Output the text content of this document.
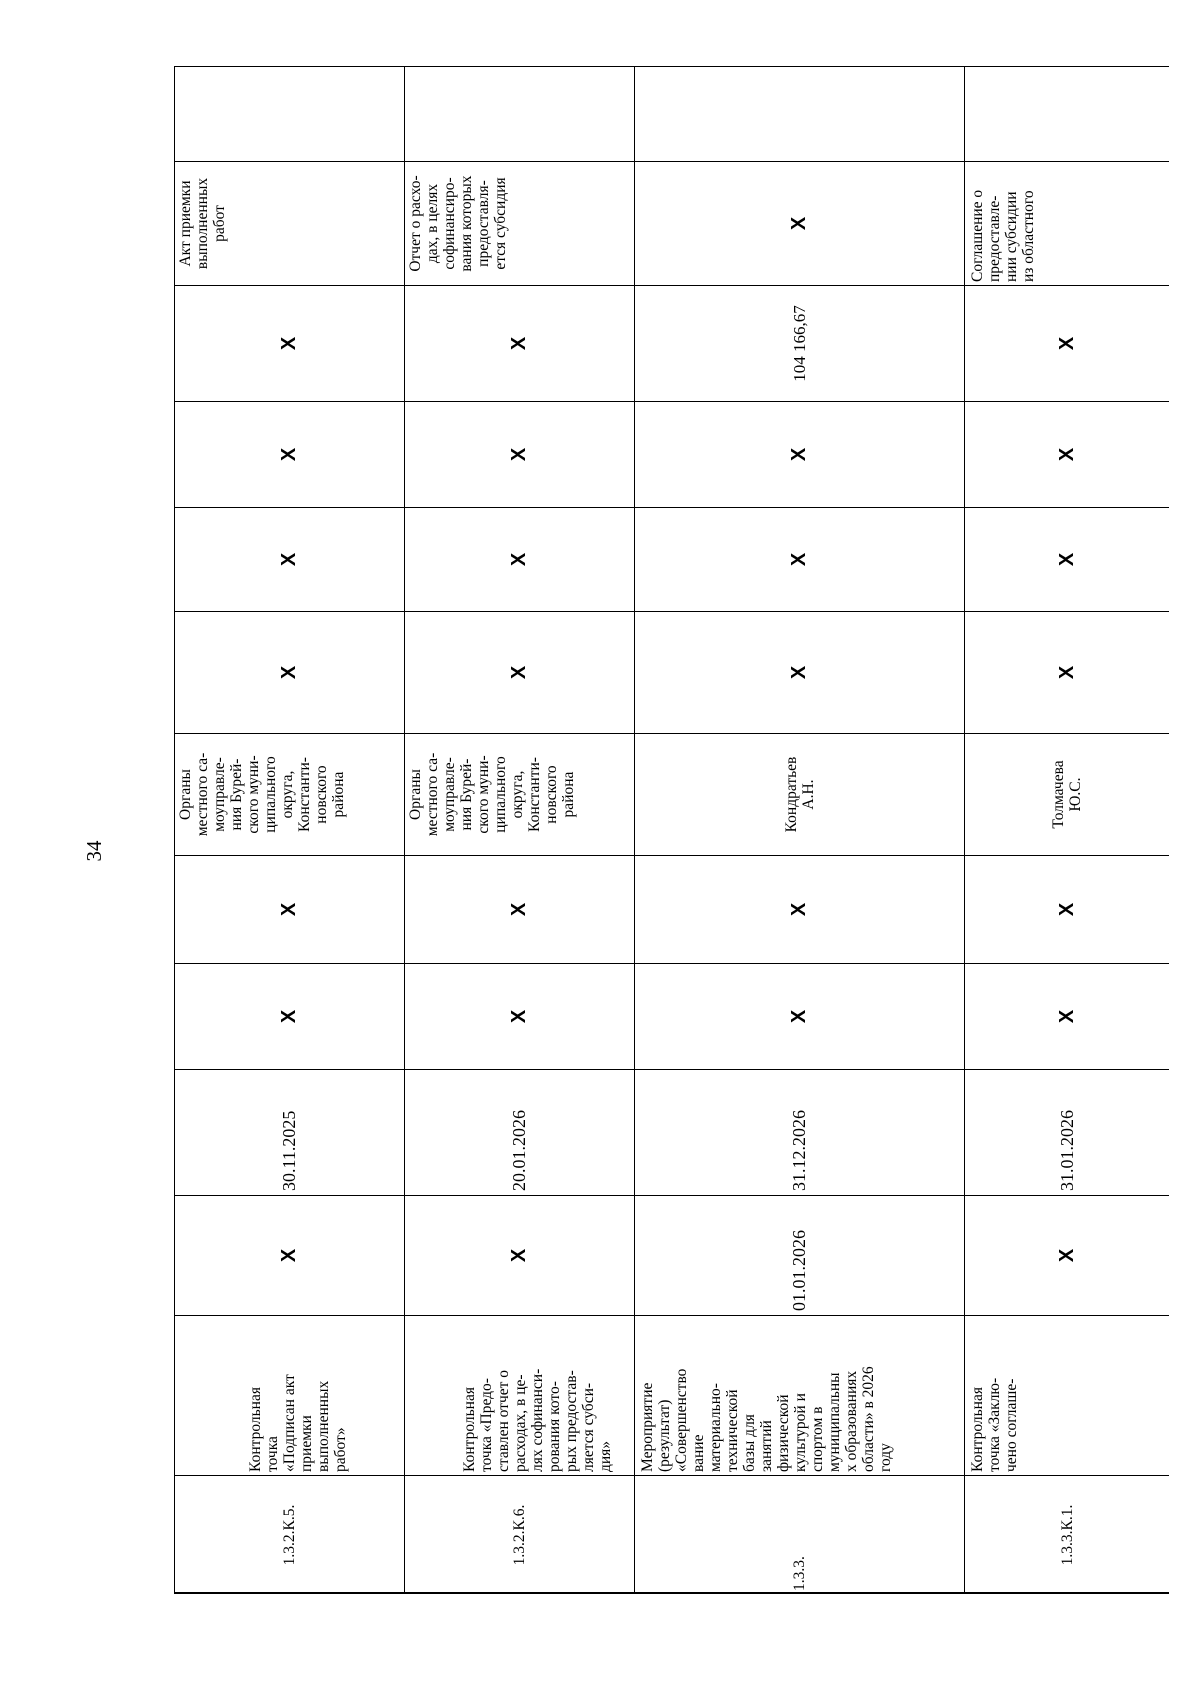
34
1.3.2.К.5.
Контрольная
точка
«Подписан акт
приемки
выполненных
работ»
Х
30.11.2025
Х
Х
Органы
местного са-
моуправле-
ния Бурей-
ского муни-
ципального
округа,
Константи-
новского
района
Х
Х
Х
Х
Акт приемки
выполненных
работ
1.3.2.К.6.
Контрольная
точка «Предо-
ставлен отчет о
расходах, в це-
лях софинанси-
рования кото-
рых предостав-
ляется субси-
дия»
Х
20.01.2026
Х
Х
Органы
местного са-
моуправле-
ния Бурей-
ского муни-
ципального
округа,
Константи-
новского
района
Х
Х
Х
Х
Отчет о расхо-
дах, в целях
софинансиро-
вания которых
предоставля-
ется субсидия
1.3.3.
Мероприятие
(результат)
«Совершенство
вание
материально-
технической
базы для
занятий
физической
культурой и
спортом в
муниципальны
х образованиях
области» в 2026
году
01.01.2026
31.12.2026
Х
Х
Кондратьев
А.Н.
Х
Х
Х
104 166,67
Х
1.3.3.К.1.
Контрольная
точка «Заклю-
чено соглаше-
Х
31.01.2026
Х
Х
Толмачева
Ю.С.
Х
Х
Х
Х
Соглашение о
предоставле-
нии субсидии
из областного
